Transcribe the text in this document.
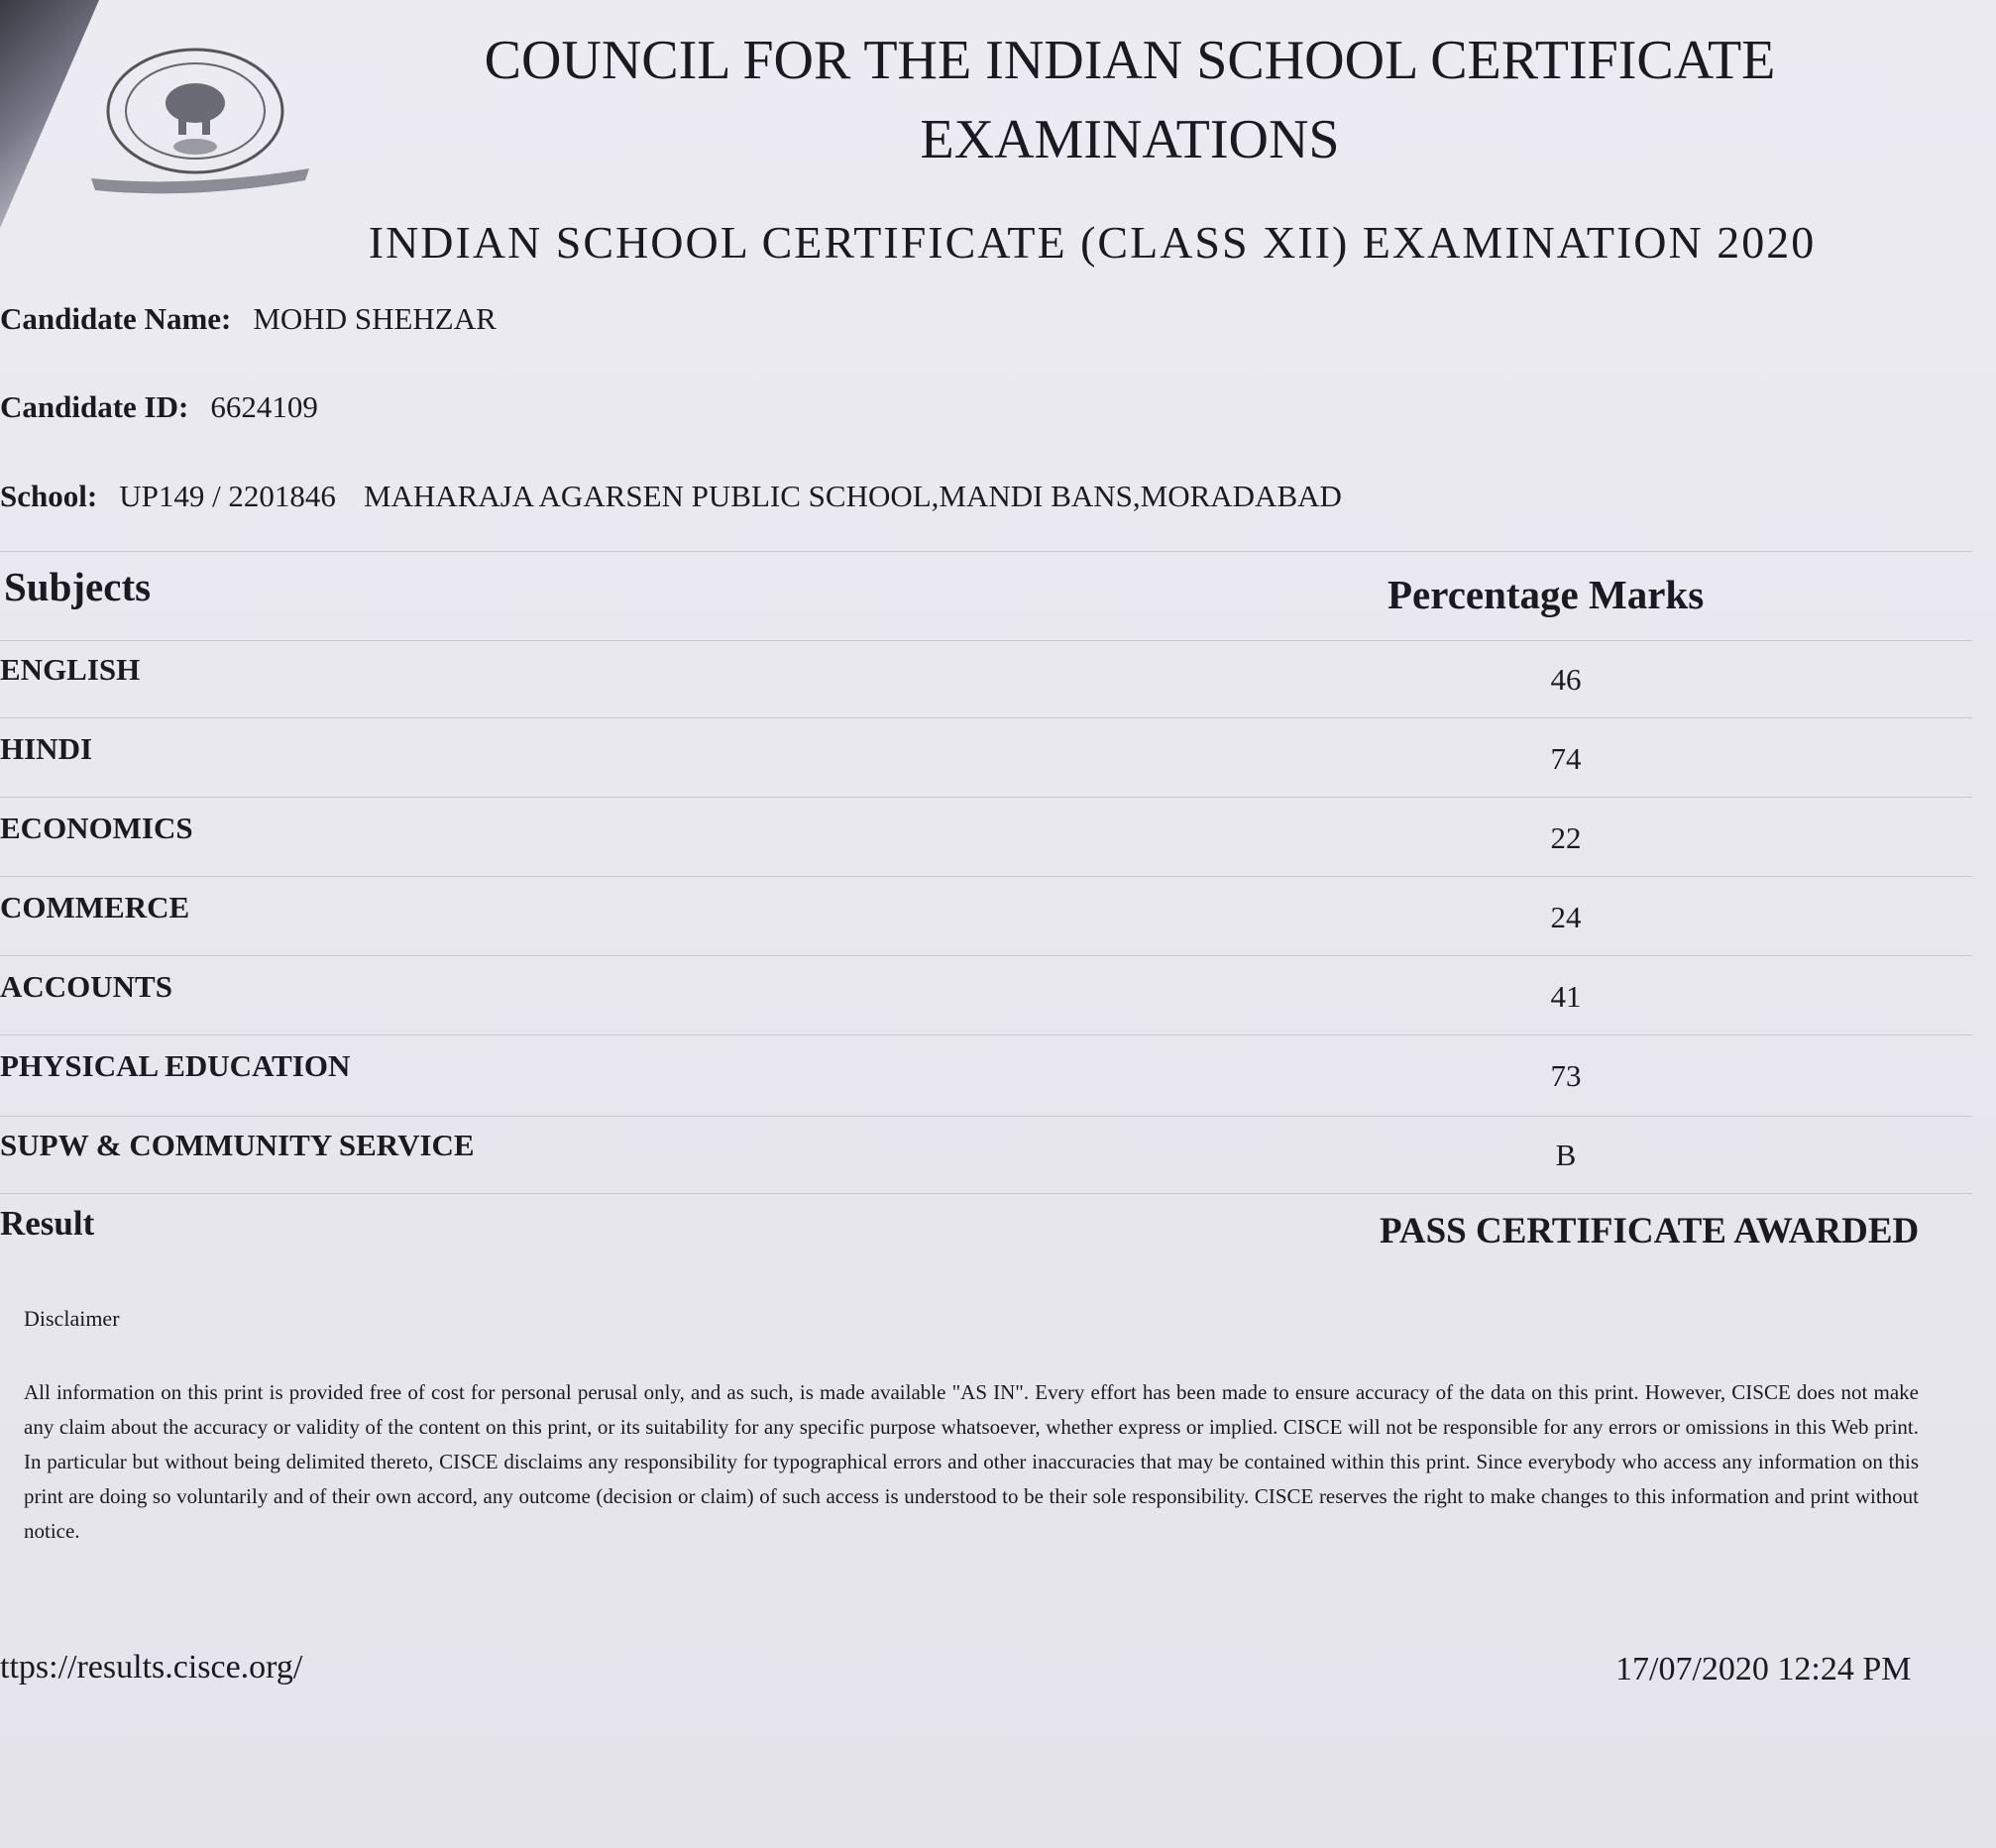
COUNCIL FOR THE INDIAN SCHOOL CERTIFICATE
EXAMINATIONS
INDIAN SCHOOL CERTIFICATE (CLASS XII) EXAMINATION 2020
Candidate Name: MOHD SHEHZAR
Candidate ID: 6624109
School: UP149 / 2201846 MAHARAJA AGARSEN PUBLIC SCHOOL,MANDI BANS,MORADABAD
Subjects	Percentage Marks
ENGLISH	46
HINDI	74
ECONOMICS	22
COMMERCE	24
ACCOUNTS	41
PHYSICAL EDUCATION	73
SUPW & COMMUNITY SERVICE	B
Result	PASS CERTIFICATE AWARDED
Disclaimer
All information on this print is provided free of cost for personal perusal only, and as such, is made available "AS IN". Every effort has been made to ensure accuracy of the data on this print. However, CISCE does not make any claim about the accuracy or validity of the content on this print, or its suitability for any specific purpose whatsoever, whether express or implied. CISCE will not be responsible for any errors or omissions in this Web print. In particular but without being delimited thereto, CISCE disclaims any responsibility for typographical errors and other inaccuracies that may be contained within this print. Since everybody who access any information on this print are doing so voluntarily and of their own accord, any outcome (decision or claim) of such access is understood to be their sole responsibility. CISCE reserves the right to make changes to this information and print without notice.
ttps://results.cisce.org/	17/07/2020 12:24 PM
